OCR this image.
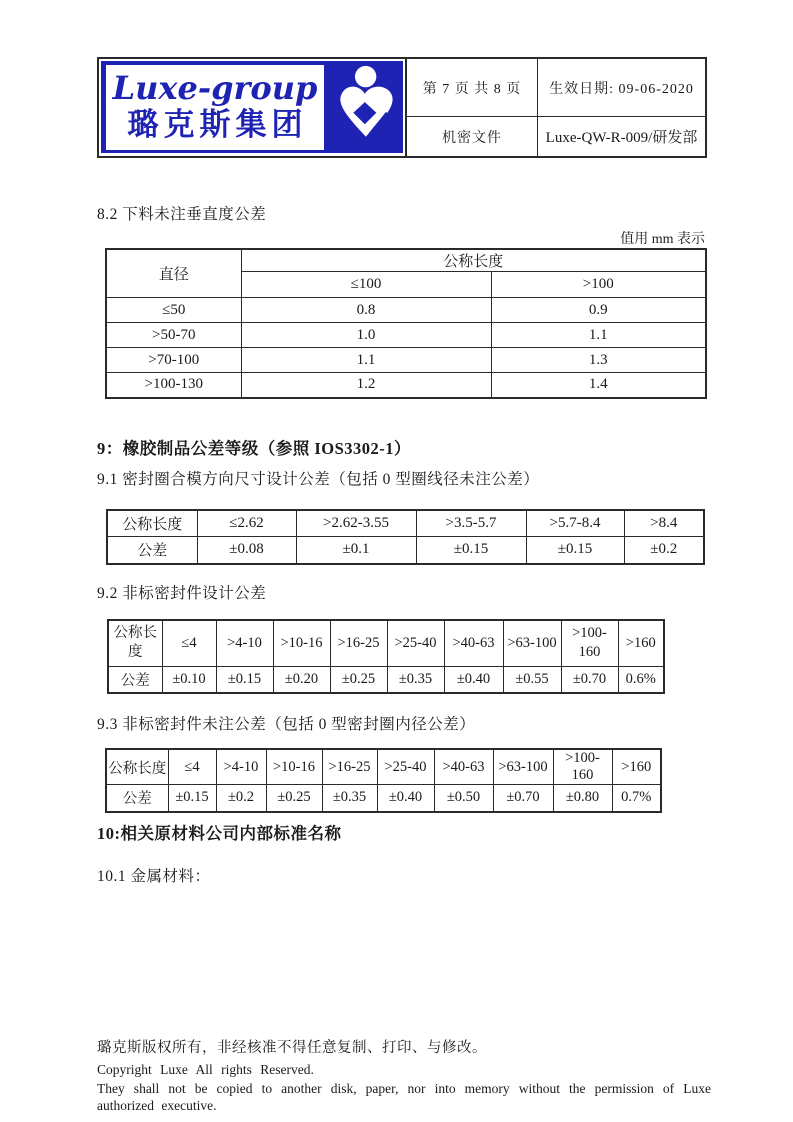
Luxe-group
璐克斯集团
第 7 页 共 8 页	生效日期: 09-06-2020
机密文件	Luxe-QW-R-009/研发部
8.2 下料未注垂直度公差
值用 mm 表示
直径	公称长度	
	≤100	>100
≤50	0.8	0.9
>50-70	1.0	1.1
>70-100	1.1	1.3
>100-130	1.2	1.4
9：橡胶制品公差等级（参照 IOS3302-1）
9.1 密封圈合模方向尺寸设计公差（包括 0 型圈线径未注公差）
公称长度	≤2.62	>2.62-3.55	>3.5-5.7	>5.7-8.4	>8.4
公差	±0.08	±0.1	±0.15	±0.15	±0.2
9.2 非标密封件设计公差
公称长度	≤4	>4-10	>10-16	>16-25	>25-40	>40-63	>63-100	>100-160	>160
公差	±0.10	±0.15	±0.20	±0.25	±0.35	±0.40	±0.55	±0.70	0.6%
9.3 非标密封件未注公差（包括 0 型密封圈内径公差）
公称长度	≤4	>4-10	>10-16	>16-25	>25-40	>40-63	>63-100	>100-160	>160
公差	±0.15	±0.2	±0.25	±0.35	±0.40	±0.50	±0.70	±0.80	0.7%
10:相关原材料公司内部标准名称
10.1 金属材料：
璐克斯版权所有，非经核准不得任意复制、打印、与修改。
Copyright Luxe All rights Reserved.
They shall not be copied to another disk, paper, nor into memory without the permission of Luxe
authorized executive.
